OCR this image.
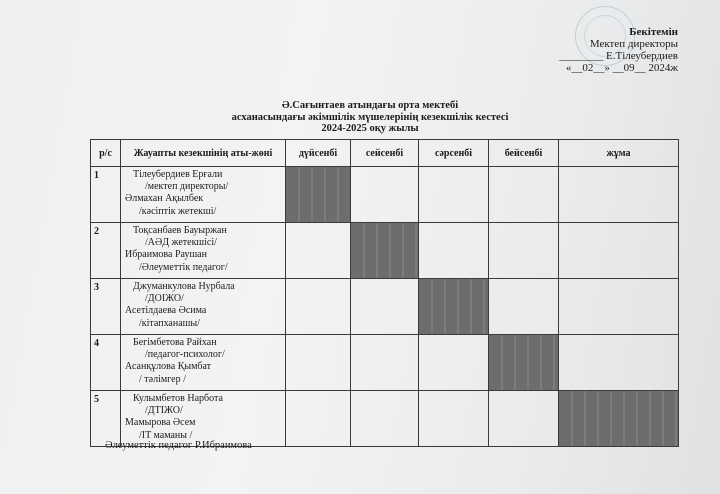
Бекітемін
Мектеп директоры
________ Е.Тілеубердиев
«__02__» __09__ 2024ж
Ә.Сағынтаев атындағы орта мектебі
асханасындағы әкімшілік мүшелерінің кезекшілік кестесі
2024-2025 оқу жылы
р/с	Жауапты кезекшінің аты-жөні	дүйсенбі	сейсенбі	сәрсенбі	бейсенбі	жұма
1	Тілеубердиев Ерғали
/мектеп директоры/
Әлмахан Ақылбек
/кәсіптік жетекші/					

2	Тоқсанбаев Бауыржан
/АӘД жетекшісі/
Ибраимова Раушан
/Әлеуметтік педагог/					

3	Джуманкулова Нурбала
/ДОІЖО/
Асетілдаева Әсима
/кітапханашы/					

4	Бегімбетова Райхан
/педагог-психолог/
Асанқұлова Қымбат
/ тәлімгер /					

5	Кулымбетов Нарбота
/ДТІЖО/
Мамырова Әсем
/IT маманы /					

Әлеуметтік педагог Р.Ибраимова
